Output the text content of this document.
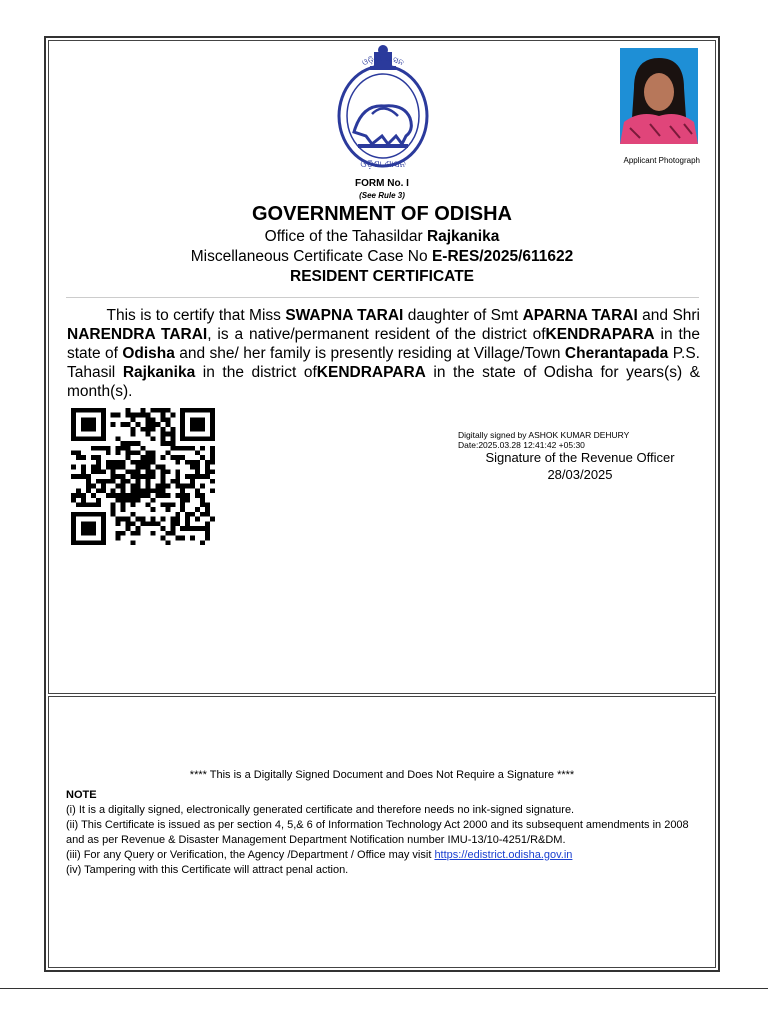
ଓଡ଼ିଶା ଶାସନ
ଓଡ଼ିଶା ଶାସନ	Applicant Photograph
FORM No. I
(See Rule 3)
GOVERNMENT OF ODISHA
Office of the Tahasildar Rajkanika
Miscellaneous Certificate Case No E-RES/2025/611622
RESIDENT CERTIFICATE
This is to certify that Miss SWAPNA TARAI daughter of Smt APARNA TARAI and Shri NARENDRA TARAI, is a native/permanent resident of the district ofKENDRAPARA in the state of Odisha and she/ her family is presently residing at Village/Town Cherantapada P.S. Tahasil Rajkanika in the district ofKENDRAPARA in the state of Odisha for years(s) & month(s).
Digitally signed by ASHOK KUMAR DEHURY
Date:2025.03.28 12:41:42 +05:30
Signature of the Revenue Officer
28/03/2025
**** This is a Digitally Signed Document and Does Not Require a Signature ****
NOTE

(i) It is a digitally signed, electronically generated certificate and therefore needs no ink-signed signature.

(ii) This Certificate is issued as per section 4, 5,& 6 of Information Technology Act 2000 and its subsequent amendments in 2008 and as per Revenue & Disaster Management Department Notification number IMU-13/10-4251/R&DM.

(iii) For any Query or Verification, the Agency /Department / Office may visit https://edistrict.odisha.gov.in

(iv) Tampering with this Certificate will attract penal action.
